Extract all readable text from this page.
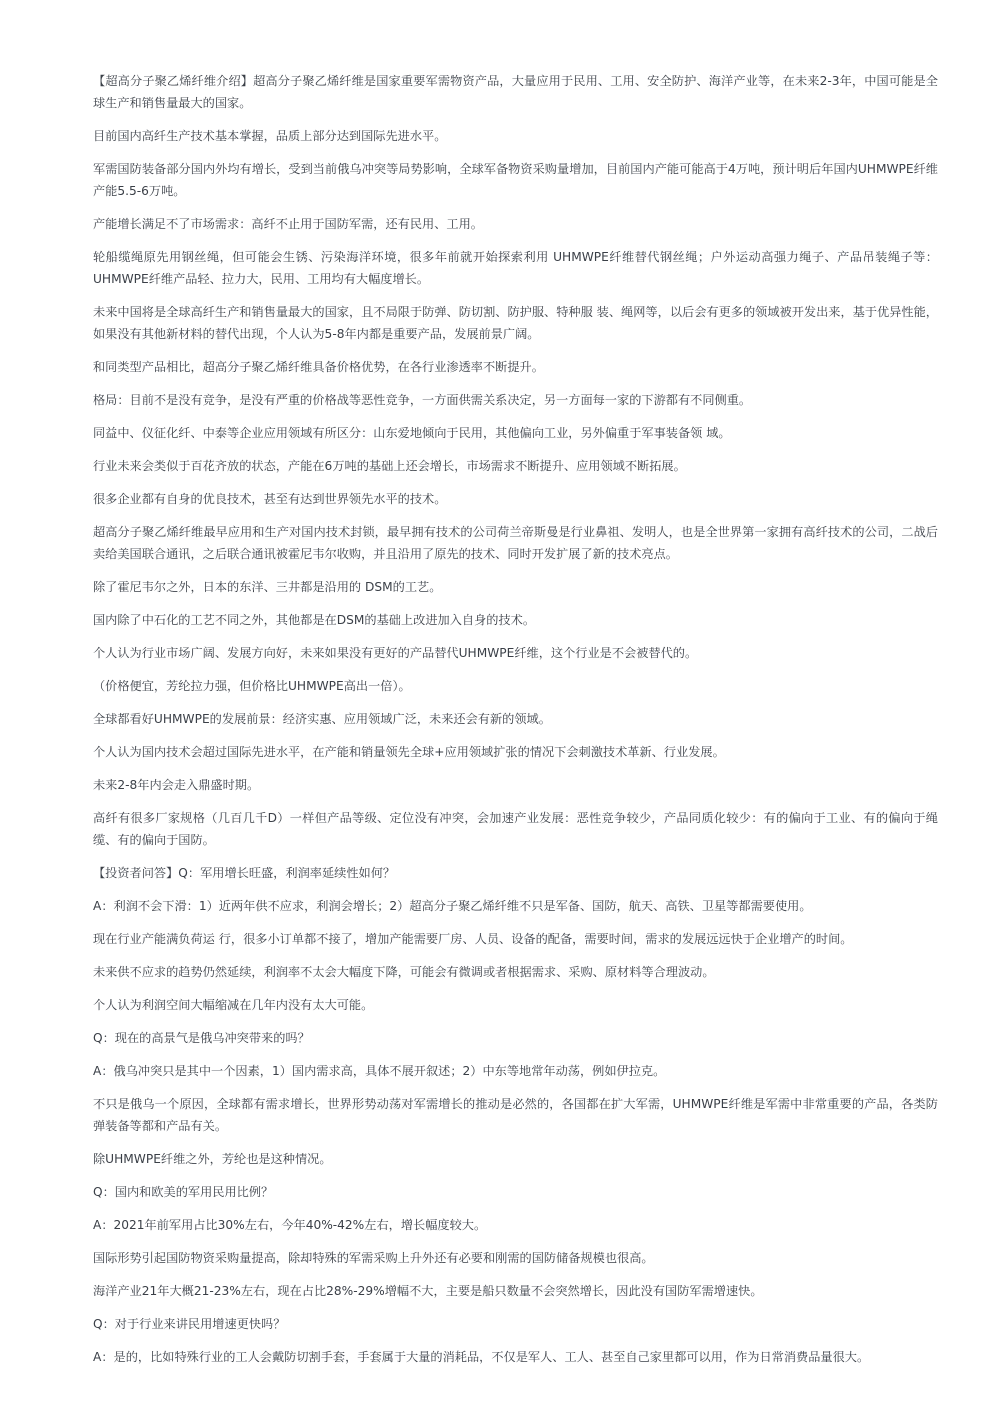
【超高分子聚乙烯纤维介绍】超高分子聚乙烯纤维是国家重要军需物资产品，大量应用于民用、工用、安全防护、海洋产业等，在未来2-3年，中国可能是全球生产和销售量最大的国家。

目前国内高纤生产技术基本掌握，品质上部分达到国际先进水平。

军需国防装备部分国内外均有增长，受到当前俄乌冲突等局势影响，全球军备物资采购量增加，目前国内产能可能高于4万吨，预计明后年国内UHMWPE纤维产能5.5-6万吨。

产能增长满足不了市场需求：高纤不止用于国防军需，还有民用、工用。

轮船缆绳原先用钢丝绳，但可能会生锈、污染海洋环境，很多年前就开始探索利用 UHMWPE纤维替代钢丝绳；户外运动高强力绳子、产品吊装绳子等：UHMWPE纤维产品轻、拉力大，民用、工用均有大幅度增长。

未来中国将是全球高纤生产和销售量最大的国家，且不局限于防弹、防切割、防护服、特种服 装、绳网等，以后会有更多的领域被开发出来，基于优异性能，如果没有其他新材料的替代出现，个人认为5-8年内都是重要产品，发展前景广阔。

和同类型产品相比，超高分子聚乙烯纤维具备价格优势，在各行业渗透率不断提升。

格局：目前不是没有竞争，是没有严重的价格战等恶性竞争，一方面供需关系决定，另一方面每一家的下游都有不同侧重。

同益中、仪征化纤、中泰等企业应用领域有所区分：山东爱地倾向于民用，其他偏向工业，另外偏重于军事装备领 域。

行业未来会类似于百花齐放的状态，产能在6万吨的基础上还会增长，市场需求不断提升、应用领域不断拓展。

很多企业都有自身的优良技术，甚至有达到世界领先水平的技术。

超高分子聚乙烯纤维最早应用和生产对国内技术封锁，最早拥有技术的公司荷兰帝斯曼是行业鼻祖、发明人，也是全世界第一家拥有高纤技术的公司，二战后卖给美国联合通讯，之后联合通讯被霍尼韦尔收购，并且沿用了原先的技术、同时开发扩展了新的技术亮点。

除了霍尼韦尔之外，日本的东洋、三井都是沿用的 DSM的工艺。

国内除了中石化的工艺不同之外，其他都是在DSM的基础上改进加入自身的技术。

个人认为行业市场广阔、发展方向好，未来如果没有更好的产品替代UHMWPE纤维，这个行业是不会被替代的。

（价格便宜，芳纶拉力强，但价格比UHMWPE高出一倍）。

全球都看好UHMWPE的发展前景：经济实惠、应用领域广泛，未来还会有新的领域。

个人认为国内技术会超过国际先进水平，在产能和销量领先全球+应用领域扩张的情况下会刺激技术革新、行业发展。

未来2-8年内会走入鼎盛时期。

高纤有很多厂家规格（几百几千D）一样但产品等级、定位没有冲突，会加速产业发展：恶性竞争较少，产品同质化较少：有的偏向于工业、有的偏向于绳缆、有的偏向于国防。

【投资者问答】Q：军用增长旺盛，利润率延续性如何？

A：利润不会下滑：1）近两年供不应求，利润会增长；2）超高分子聚乙烯纤维不只是军备、国防，航天、高铁、卫星等都需要使用。

现在行业产能满负荷运 行，很多小订单都不接了，增加产能需要厂房、人员、设备的配备，需要时间，需求的发展远远快于企业增产的时间。

未来供不应求的趋势仍然延续，利润率不太会大幅度下降，可能会有微调或者根据需求、采购、原材料等合理波动。

个人认为利润空间大幅缩减在几年内没有太大可能。

Q：现在的高景气是俄乌冲突带来的吗？

A：俄乌冲突只是其中一个因素，1）国内需求高，具体不展开叙述；2）中东等地常年动荡，例如伊拉克。

不只是俄乌一个原因，全球都有需求增长，世界形势动荡对军需增长的推动是必然的，各国都在扩大军需，UHMWPE纤维是军需中非常重要的产品，各类防弹装备等都和产品有关。

除UHMWPE纤维之外，芳纶也是这种情况。

Q：国内和欧美的军用民用比例？

A：2021年前军用占比30%左右，今年40%-42%左右，增长幅度较大。

国际形势引起国防物资采购量提高，除却特殊的军需采购上升外还有必要和刚需的国防储备规模也很高。

海洋产业21年大概21-23%左右，现在占比28%-29%增幅不大，主要是船只数量不会突然增长，因此没有国防军需增速快。

Q：对于行业来讲民用增速更快吗？

A：是的，比如特殊行业的工人会戴防切割手套，手套属于大量的消耗品，不仅是军人、工人、甚至自己家里都可以用，作为日常消费品量很大。
